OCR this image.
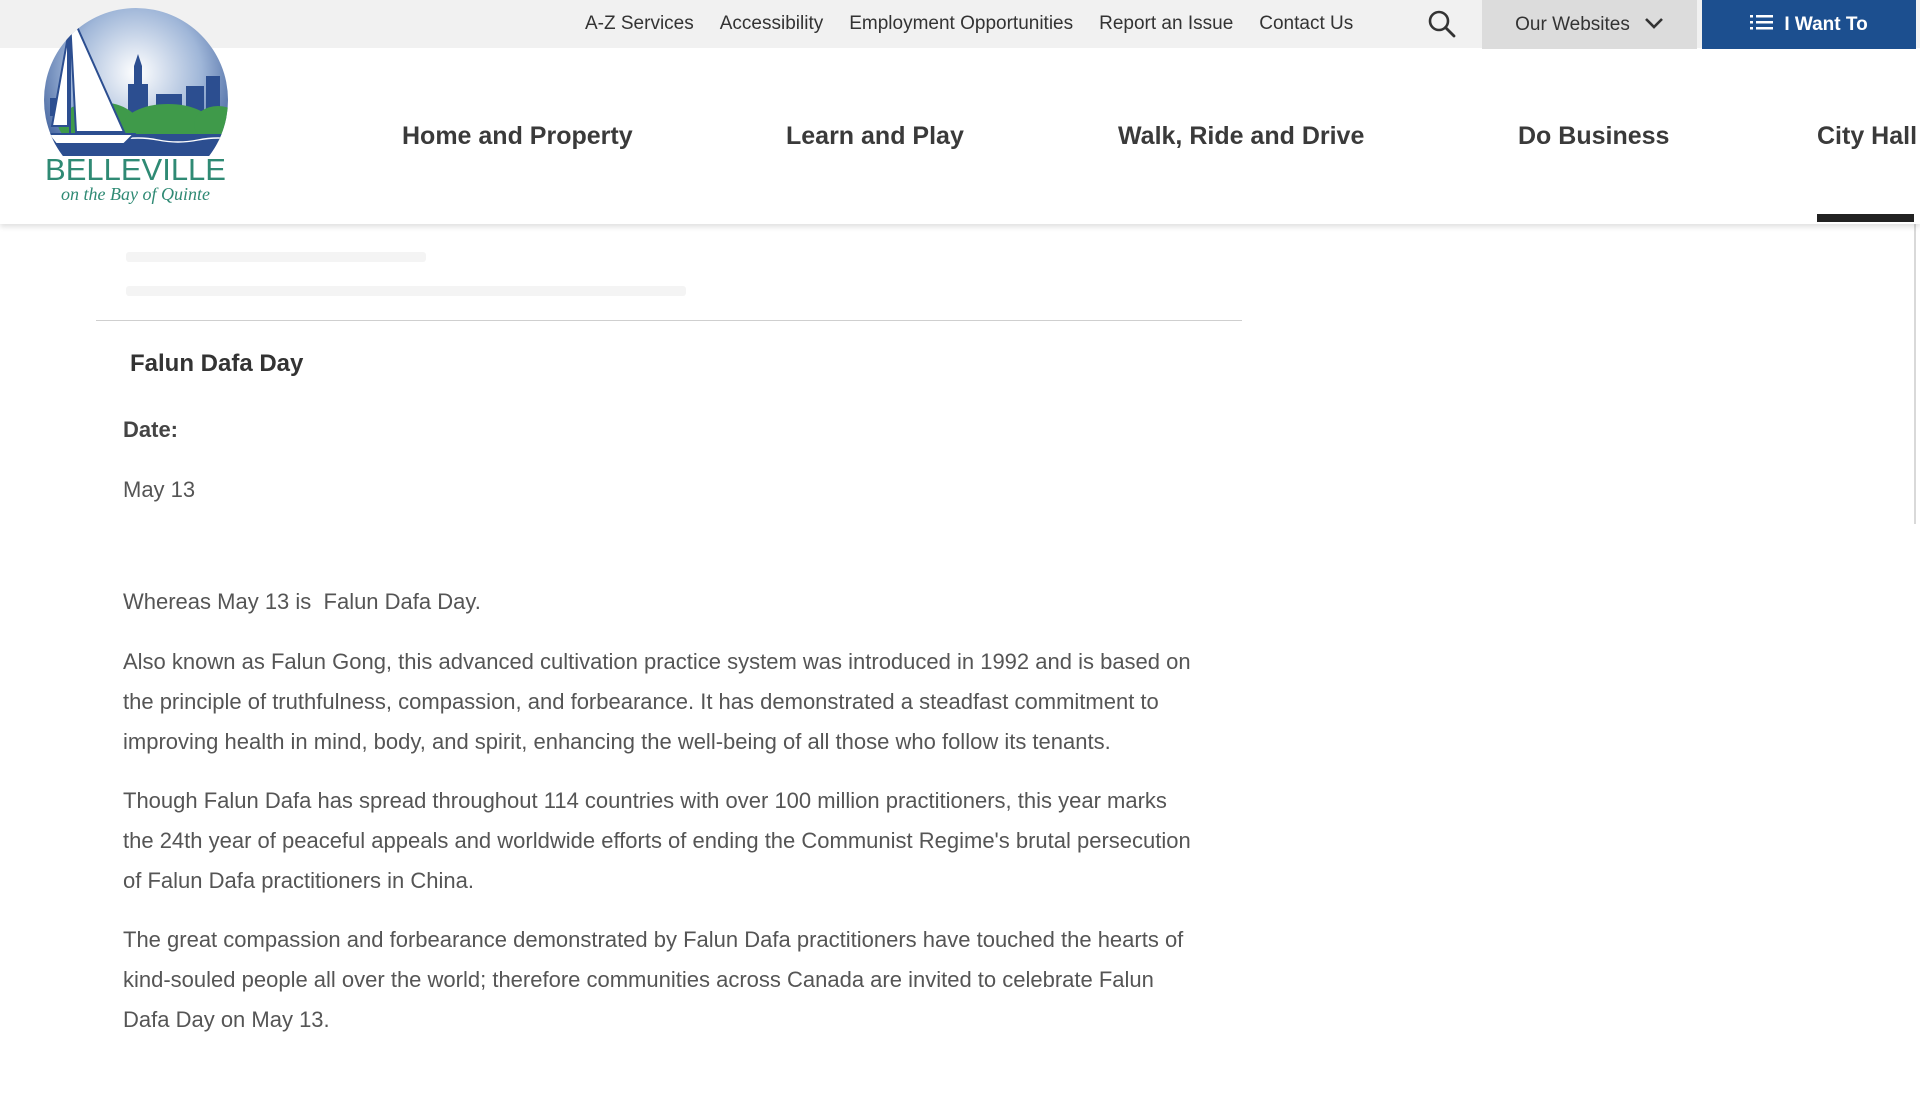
A-Z Services Accessibility Employment Opportunities Report an Issue Contact Us	Our Websites	I Want To
Home and Property	Learn and Play	Walk, Ride and Drive	Do Business	City Hall
BELLEVILLE
on the Bay of Quinte
Falun Dafa Day
Date:
May 13

Whereas May 13 is  Falun Dafa Day.

Also known as Falun Gong, this advanced cultivation practice system was introduced in 1992 and is based on the principle of truthfulness, compassion, and forbearance. It has demonstrated a steadfast commitment to improving health in mind, body, and spirit, enhancing the well-being of all those who follow its tenants.

Though Falun Dafa has spread throughout 114 countries with over 100 million practitioners, this year marks the 24th year of peaceful appeals and worldwide efforts of ending the Communist Regime's brutal persecution of Falun Dafa practitioners in China.

The great compassion and forbearance demonstrated by Falun Dafa practitioners have touched the hearts of kind-souled people all over the world; therefore communities across Canada are invited to celebrate Falun Dafa Day on May 13.
